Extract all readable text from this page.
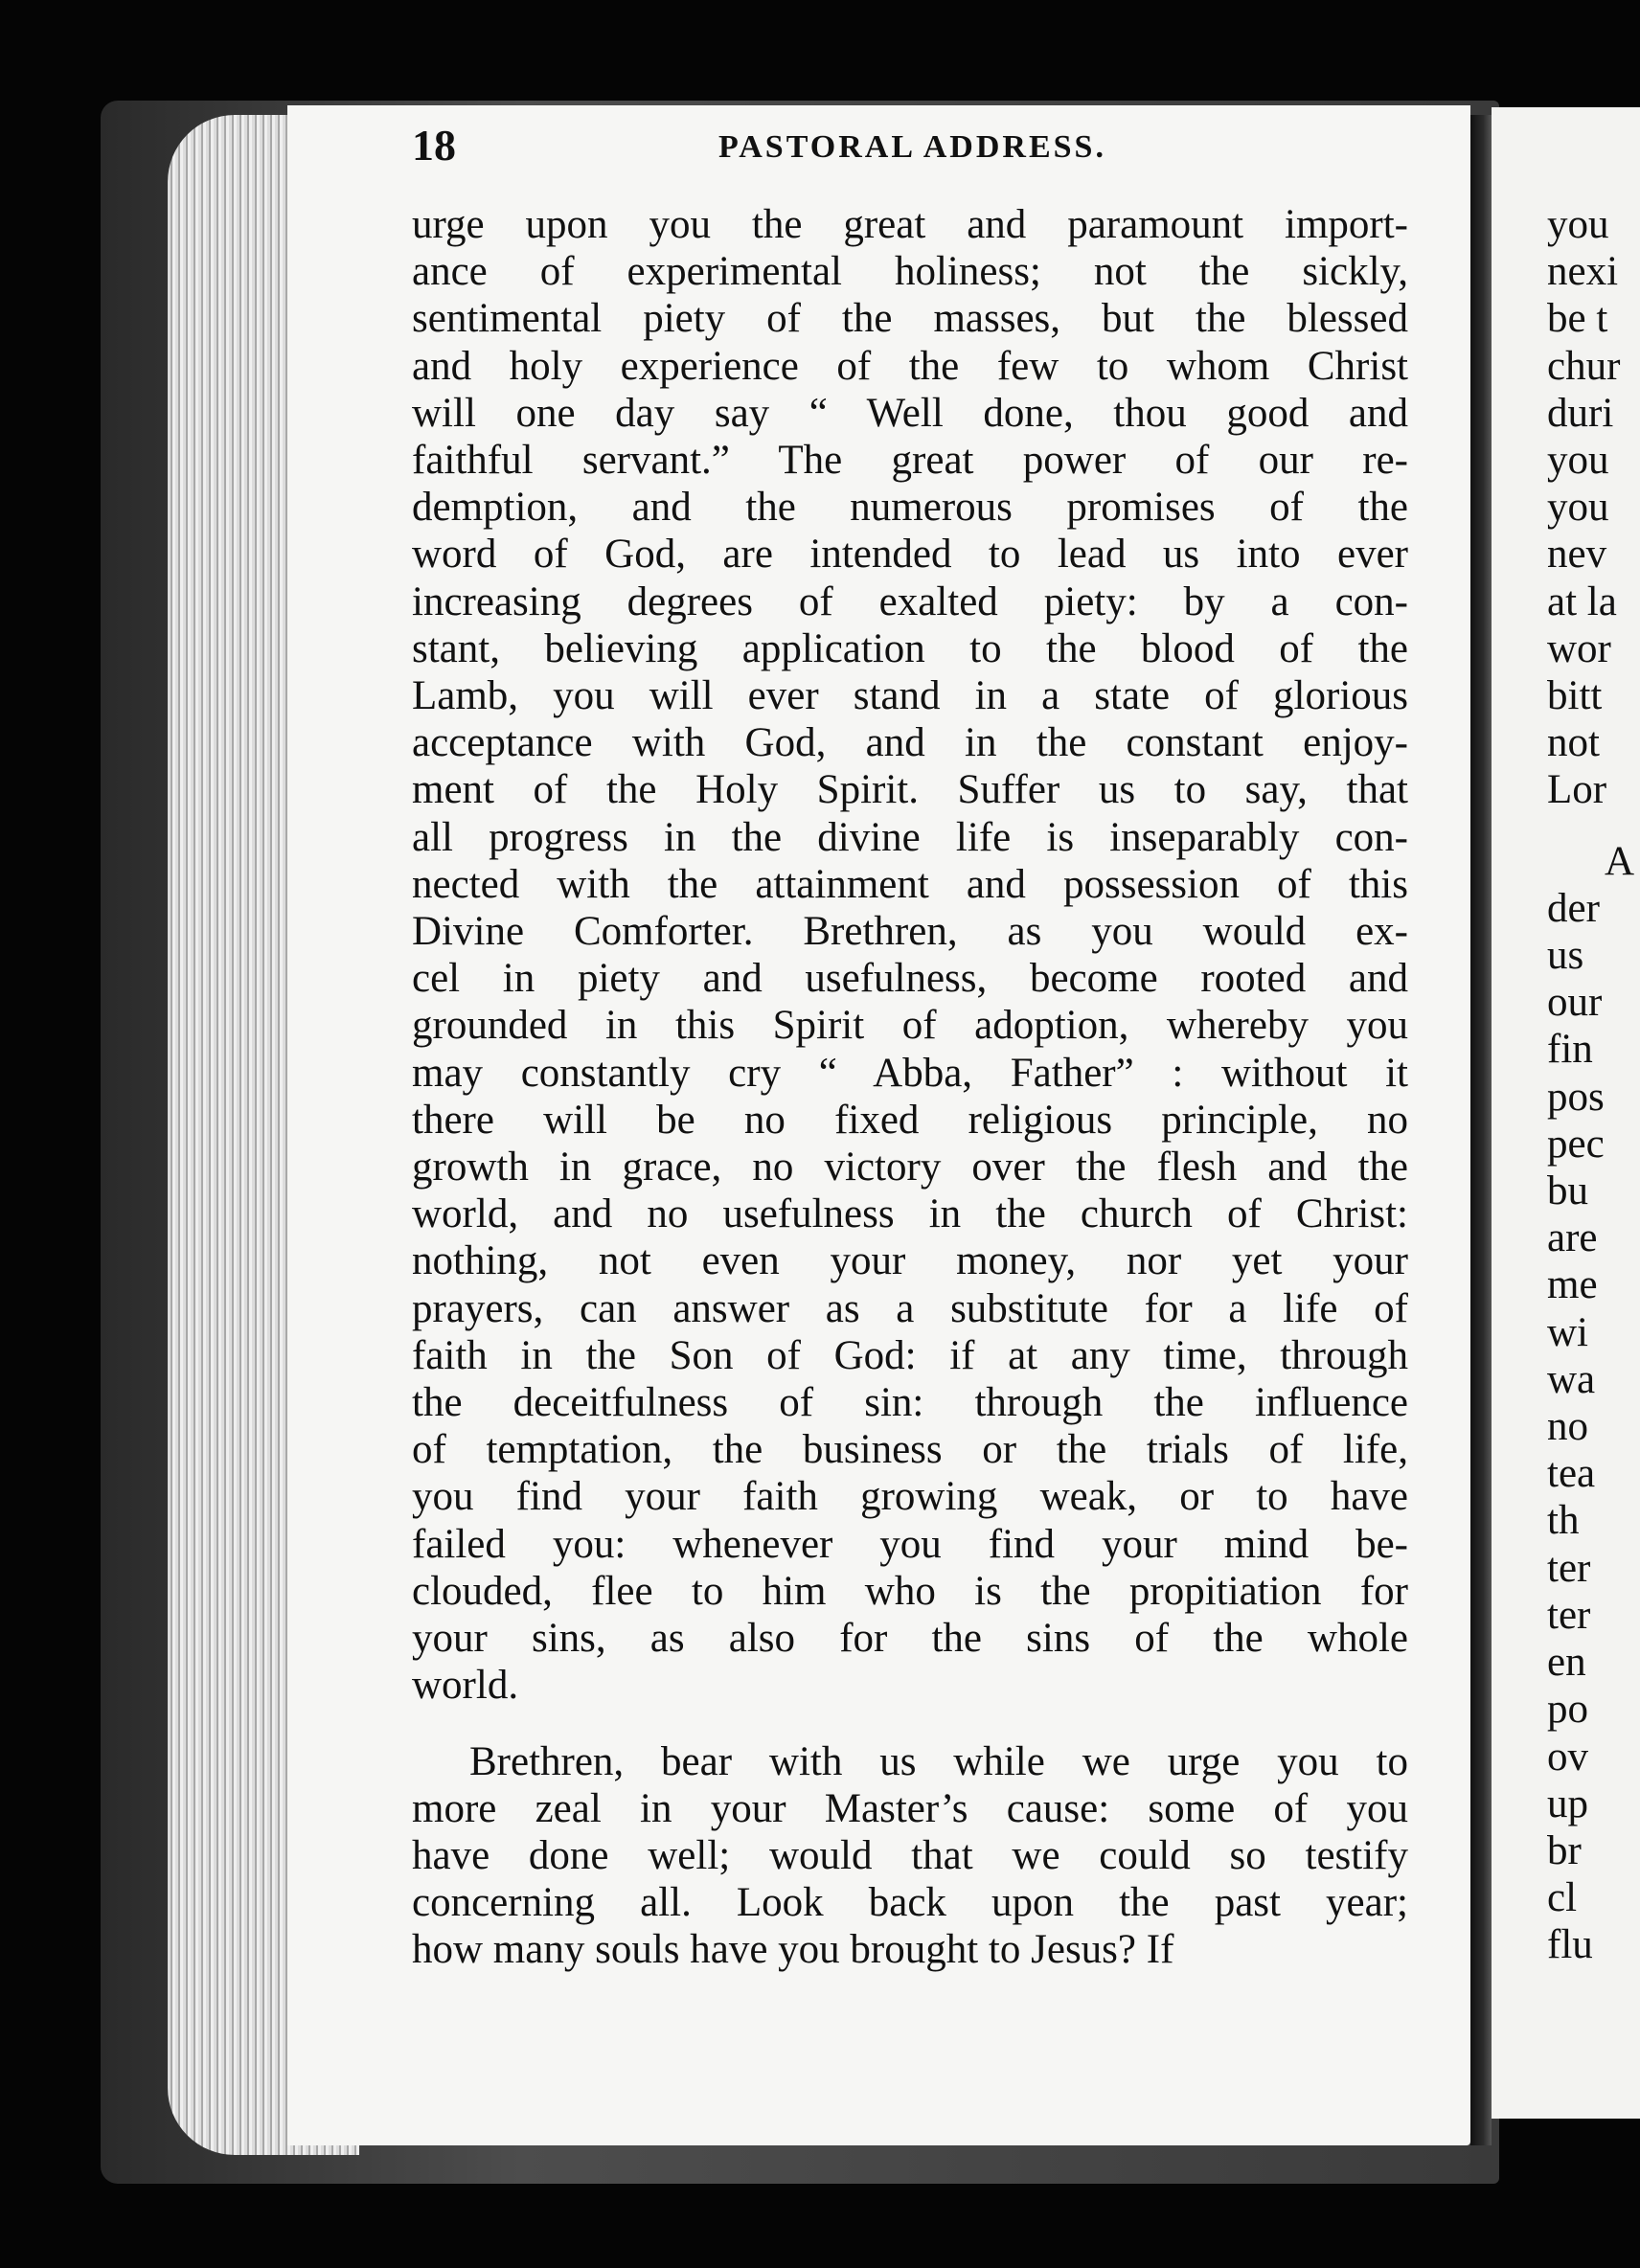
18	PASTORAL ADDRESS.
urge upon you the great and paramount import-
ance of experimental holiness; not the sickly,
sentimental piety of the masses, but the blessed
and holy experience of the few to whom Christ
will one day say “ Well done, thou good and
faithful servant.” The great power of our re-
demption, and the numerous promises of the
word of God, are intended to lead us into ever
increasing degrees of exalted piety: by a con-
stant, believing application to the blood of the
Lamb, you will ever stand in a state of glorious
acceptance with God, and in the constant enjoy-
ment of the Holy Spirit. Suffer us to say, that
all progress in the divine life is inseparably con-
nected with the attainment and possession of this
Divine Comforter. Brethren, as you would ex-
cel in piety and usefulness, become rooted and
grounded in this Spirit of adoption, whereby you
may constantly cry “ Abba, Father” : without it
there will be no fixed religious principle, no
growth in grace, no victory over the flesh and the
world, and no usefulness in the church of Christ:
nothing, not even your money, nor yet your
prayers, can answer as a substitute for a life of
faith in the Son of God: if at any time, through
the deceitfulness of sin: through the influence
of temptation, the business or the trials of life,
you find your faith growing weak, or to have
failed you: whenever you find your mind be-
clouded, flee to him who is the propitiation for
your sins, as also for the sins of the whole
world.
Brethren, bear with us while we urge you to
more zeal in your Master’s cause: some of you
have done well; would that we could so testify
concerning all. Look back upon the past year;
how many souls have you brought to Jesus? If
you
nexi
be t
chur
duri
you
you
nev
at la
wor
bitt
not
Lor
A
der
us
our
fin
pos
pec
bu
are
me
wi
wa
no
tea
th
ter
ter
en
po
ov
up
br
cl
flu
